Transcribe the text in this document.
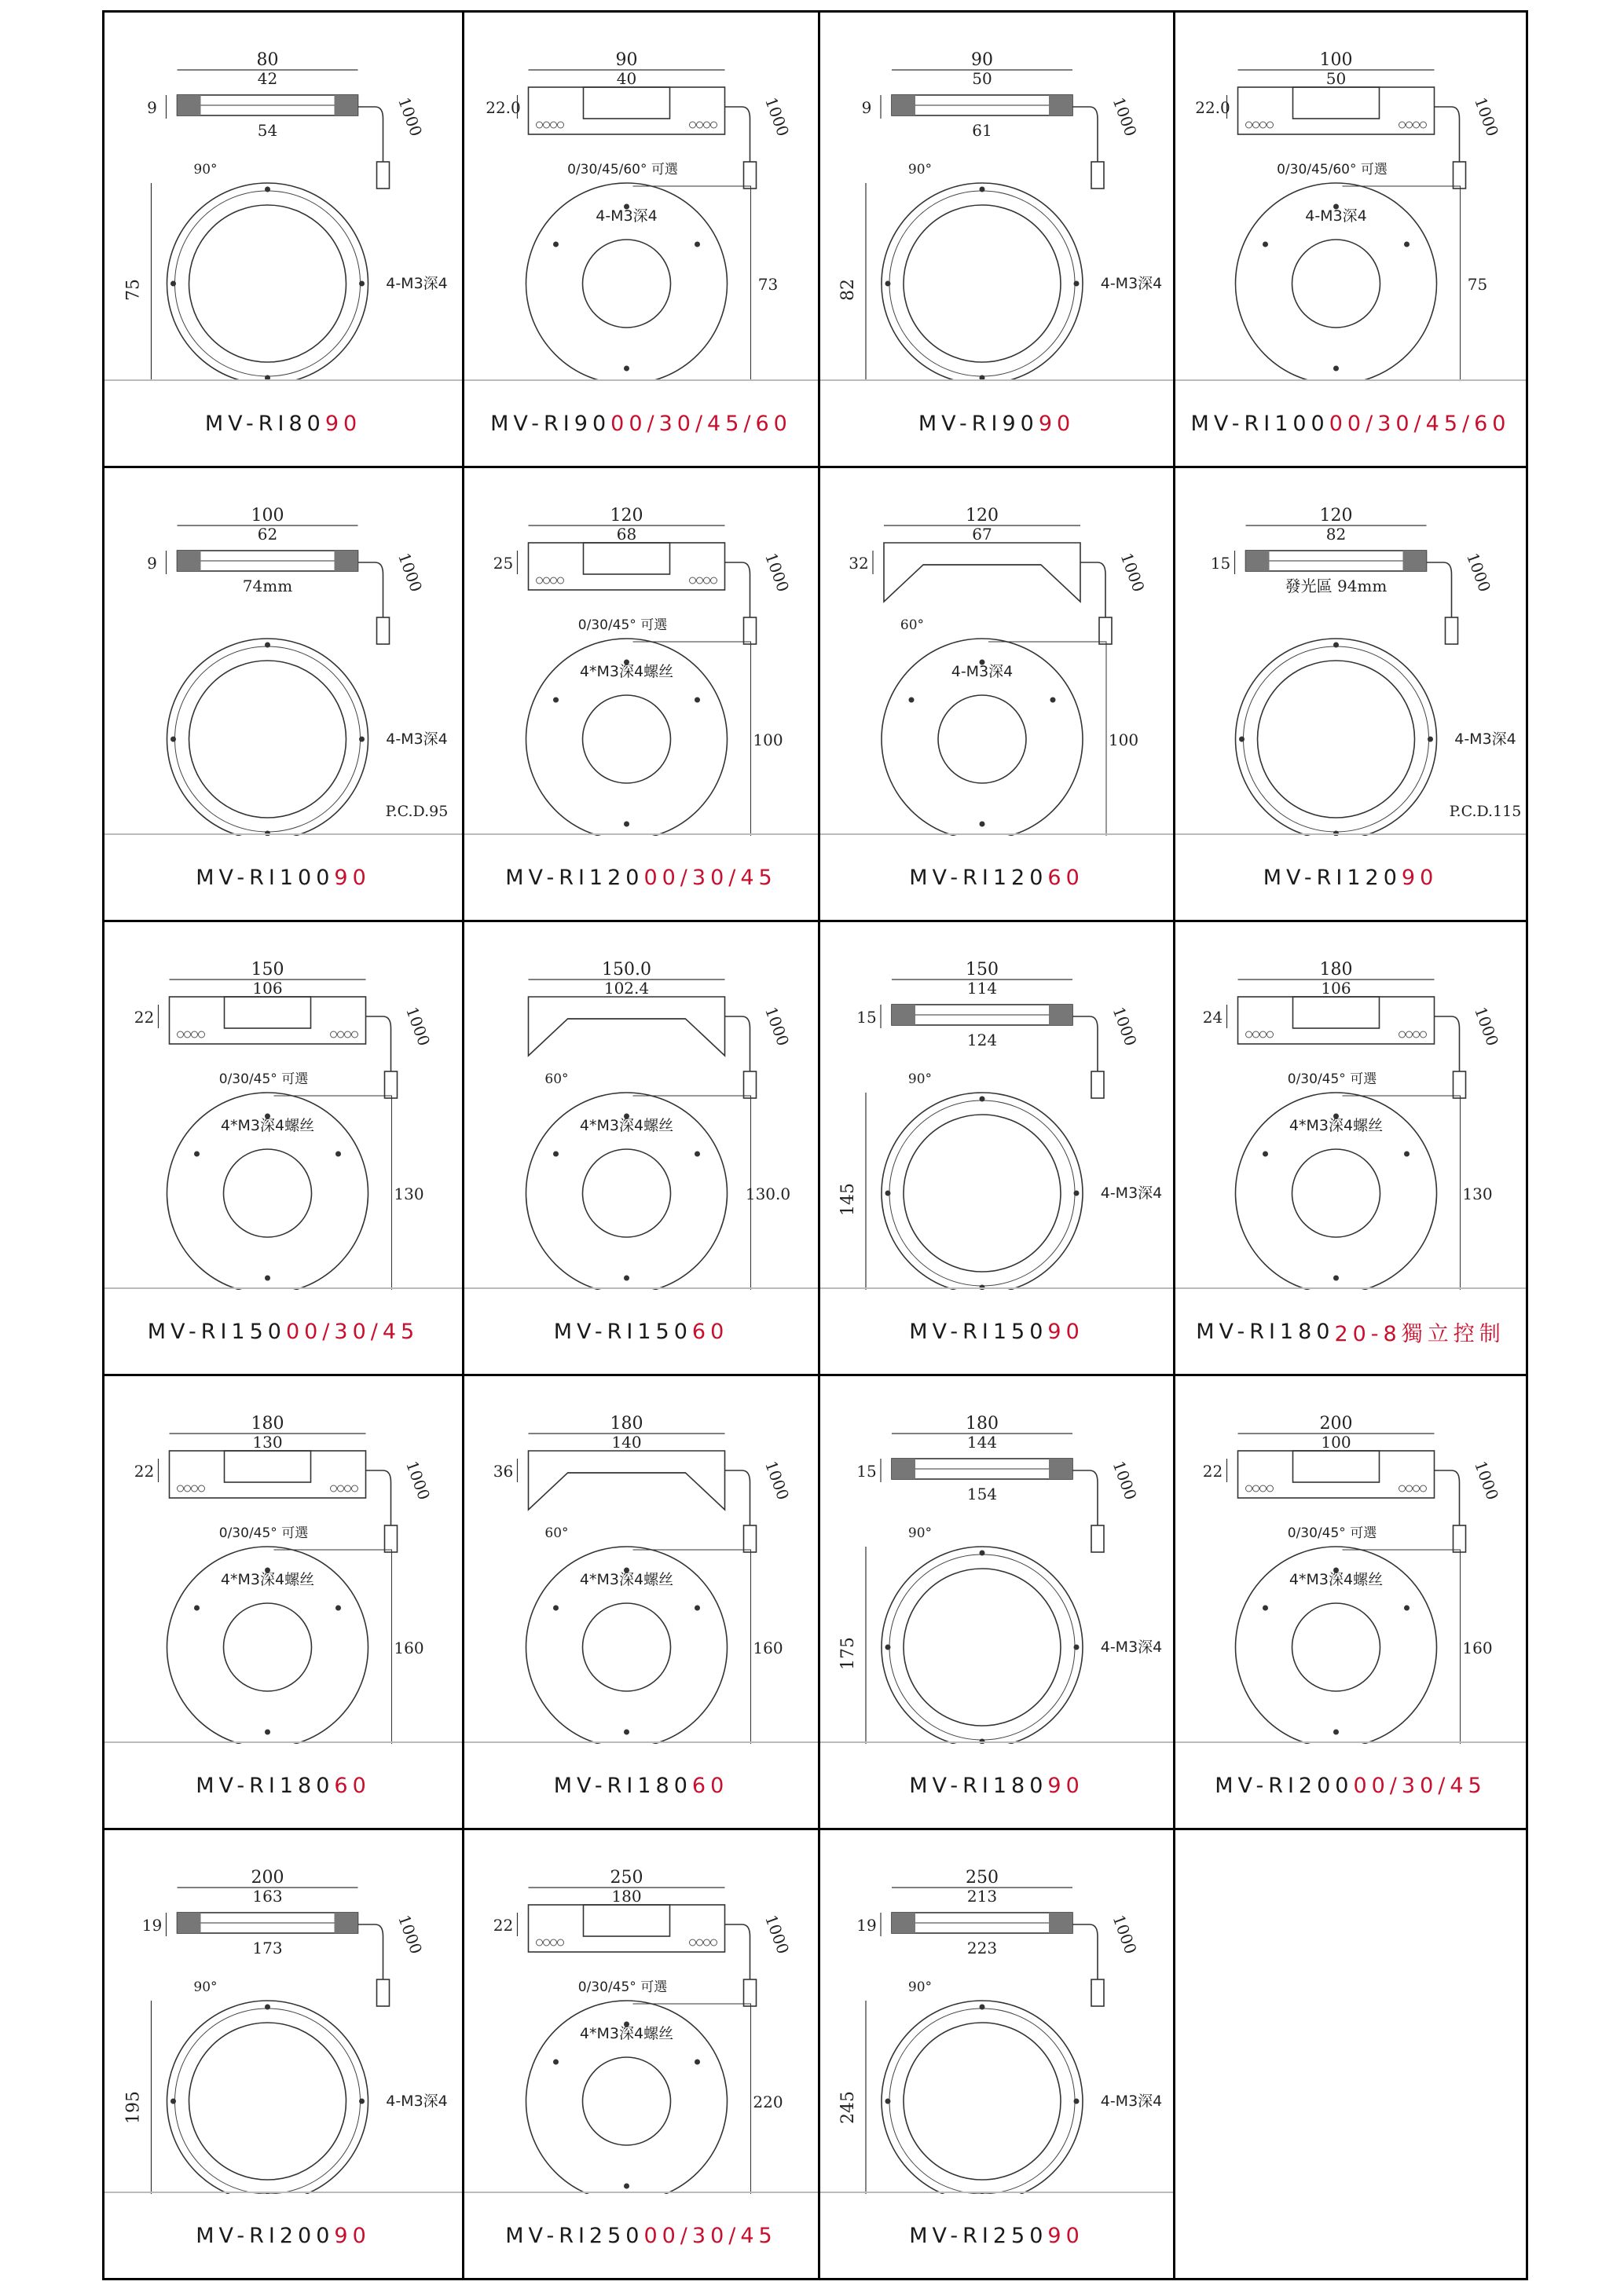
80
42
54
9
90°
1000
75	4-M3深4
MV-RI80 90
90
40
22.0
0/30/45/60° 可選
1000
73
4-M3深4
MV-RI90 00/30/45/60
90
50
61
9
90°
1000
82	4-M3深4
MV-RI90 90
100
50
22.0
0/30/45/60° 可選
1000
75
4-M3深4
MV-RI100 00/30/45/60
100
62
74mm
9	1000
4-M3深4
P.C.D.95
MV-RI100 90
120
68
25
0/30/45° 可選
1000
100
4*M3深4螺丝
MV-RI120 00/30/45
120
67
32
60°
1000
100
4-M3深4
MV-RI120 60
120
82
發光區 94mm
15	1000
4-M3深4
P.C.D.115
MV-RI120 90
150
106
22
0/30/45° 可選
1000
130
4*M3深4螺丝
MV-RI150 00/30/45
150.0
102.4
60°
1000
130.0
4*M3深4螺丝
MV-RI150 60
150
114
124
15
90°
1000
145	4-M3深4
MV-RI150 90
180
106
24
0/30/45° 可選
1000
130
4*M3深4螺丝
MV-RI180 20-8獨立控制
180
130
22
0/30/45° 可選
1000
160
4*M3深4螺丝
MV-RI180 60
180
140
36
60°
1000
160
4*M3深4螺丝
MV-RI180 60
180
144
154
15
90°
1000
175	4-M3深4
MV-RI180 90
200
100
22
0/30/45° 可選
1000
160
4*M3深4螺丝
MV-RI200 00/30/45
200
163
173
19
90°
1000
195	4-M3深4
MV-RI200 90
250
180
22
0/30/45° 可選
1000
220
4*M3深4螺丝
MV-RI250 00/30/45
250
213
223
19
90°
1000
245	4-M3深4
MV-RI250 90
